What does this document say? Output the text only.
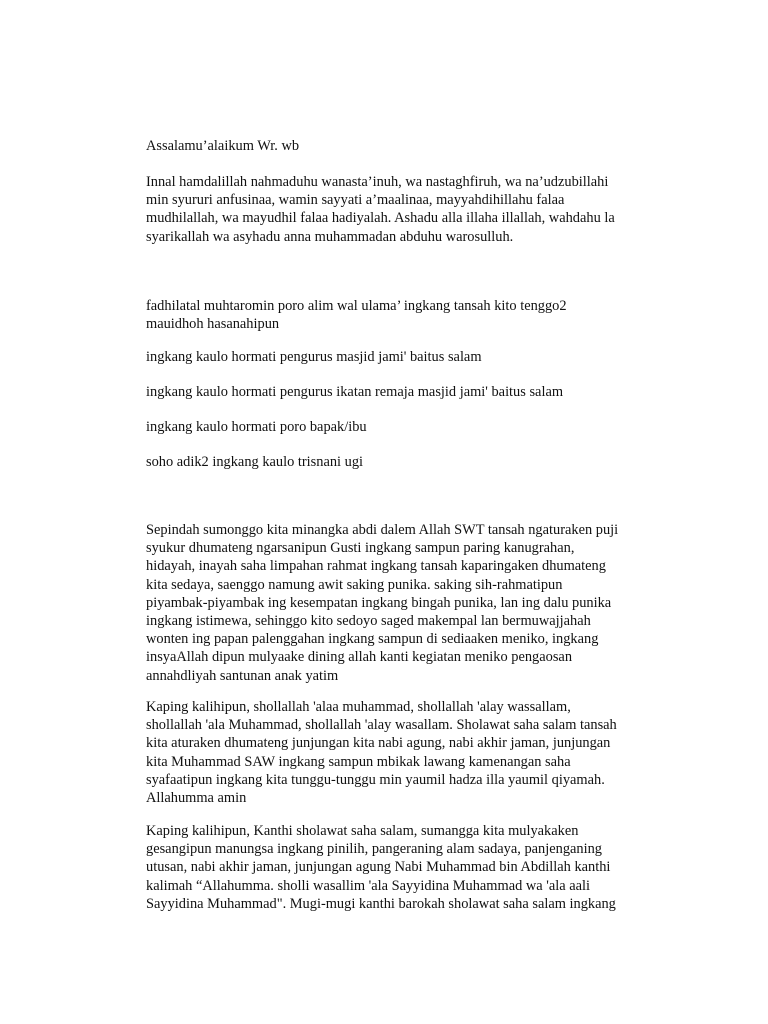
Assalamu’alaikum Wr. wb

Innal hamdalillah nahmaduhu wanasta’inuh, wa nastaghfiruh, wa na’udzubillahi
min syururi anfusinaa, wamin sayyati a’maalinaa, mayyahdihillahu falaa
mudhilallah, wa mayudhil falaa hadiyalah. Ashadu alla illaha illallah, wahdahu la
syarikallah wa asyhadu anna muhammadan abduhu warosulluh.

fadhilatal muhtaromin poro alim wal ulama’ ingkang tansah kito tenggo2
mauidhoh hasanahipun

ingkang kaulo hormati pengurus masjid jami' baitus salam

ingkang kaulo hormati pengurus ikatan remaja masjid jami' baitus salam

ingkang kaulo hormati poro bapak/ibu

soho adik2 ingkang kaulo trisnani ugi

Sepindah sumonggo kita minangka abdi dalem Allah SWT tansah ngaturaken puji
syukur dhumateng ngarsanipun Gusti ingkang sampun paring kanugrahan,
hidayah, inayah saha limpahan rahmat ingkang tansah kaparingaken dhumateng
kita sedaya, saenggo namung awit saking punika. saking sih-rahmatipun
piyambak-piyambak ing kesempatan ingkang bingah punika, lan ing dalu punika
ingkang istimewa, sehinggo kito sedoyo saged makempal lan bermuwajjahah
wonten ing papan palenggahan ingkang sampun di sediaaken meniko, ingkang
insyaAllah dipun mulyaake dining allah kanti kegiatan meniko pengaosan
annahdliyah santunan anak yatim

Kaping kalihipun, shollallah 'alaa muhammad, shollallah 'alay wassallam,
shollallah 'ala Muhammad, shollallah 'alay wasallam. Sholawat saha salam tansah
kita aturaken dhumateng junjungan kita nabi agung, nabi akhir jaman, junjungan
kita Muhammad SAW ingkang sampun mbikak lawang kamenangan saha
syafaatipun ingkang kita tunggu-tunggu min yaumil hadza illa yaumil qiyamah.
Allahumma amin

Kaping kalihipun, Kanthi sholawat saha salam, sumangga kita mulyakaken
gesangipun manungsa ingkang pinilih, pangeraning alam sadaya, panjenganing
utusan, nabi akhir jaman, junjungan agung Nabi Muhammad bin Abdillah kanthi
kalimah “Allahumma. sholli wasallim 'ala Sayyidina Muhammad wa 'ala aali
Sayyidina Muhammad". Mugi-mugi kanthi barokah sholawat saha salam ingkang
